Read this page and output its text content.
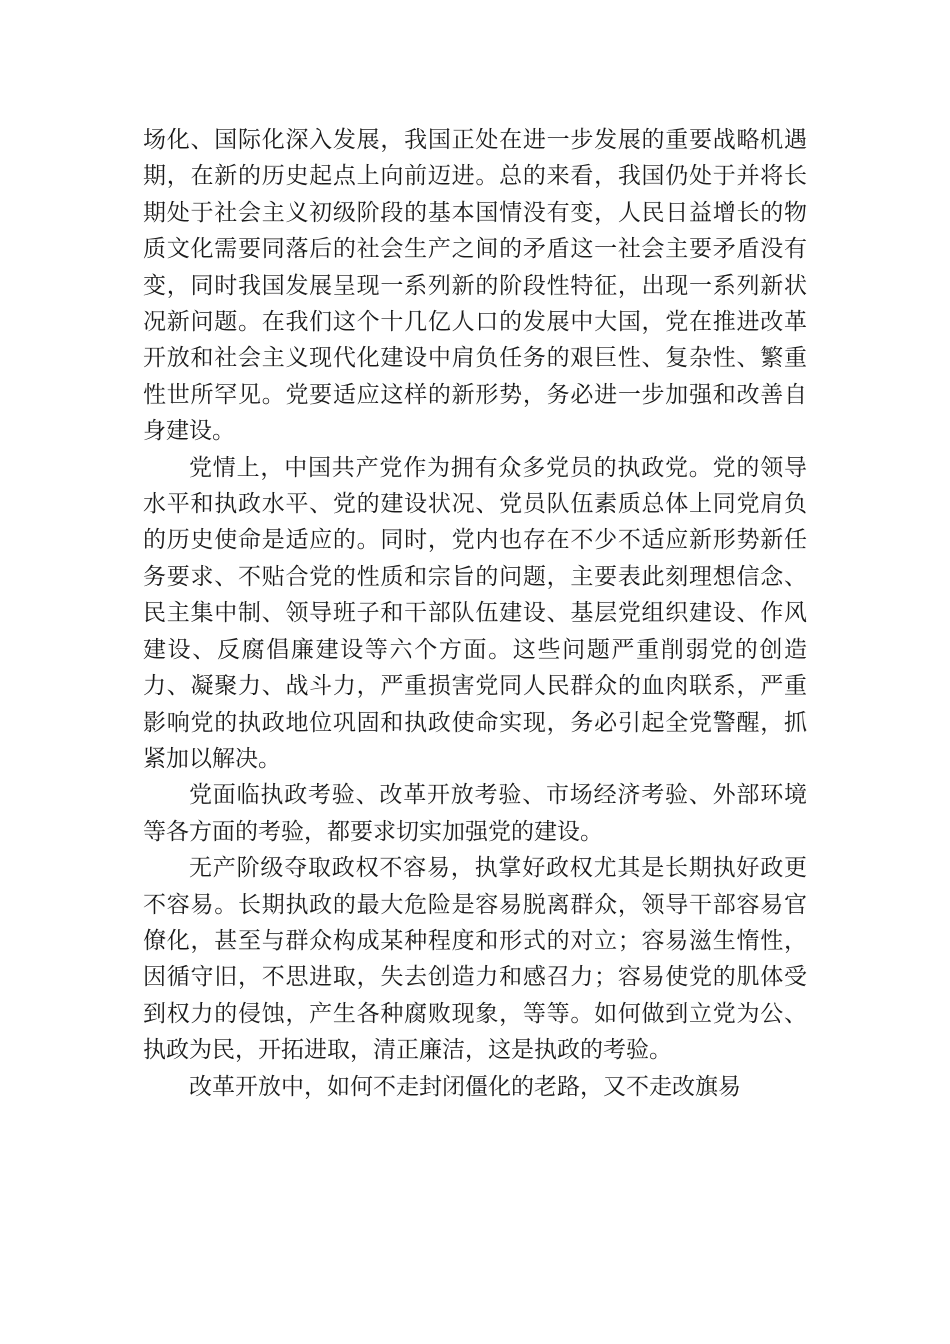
场化、国际化深入发展，我国正处在进一步发展的重要战略机遇期，在新的历史起点上向前迈进。总的来看，我国仍处于并将长期处于社会主义初级阶段的基本国情没有变，人民日益增长的物质文化需要同落后的社会生产之间的矛盾这一社会主要矛盾没有变，同时我国发展呈现一系列新的阶段性特征，出现一系列新状况新问题。在我们这个十几亿人口的发展中大国，党在推进改革开放和社会主义现代化建设中肩负任务的艰巨性、复杂性、繁重性世所罕见。党要适应这样的新形势，务必进一步加强和改善自身建设。

党情上，中国共产党作为拥有众多党员的执政党。党的领导水平和执政水平、党的建设状况、党员队伍素质总体上同党肩负的历史使命是适应的。同时，党内也存在不少不适应新形势新任务要求、不贴合党的性质和宗旨的问题，主要表此刻理想信念、民主集中制、领导班子和干部队伍建设、基层党组织建设、作风建设、反腐倡廉建设等六个方面。这些问题严重削弱党的创造力、凝聚力、战斗力，严重损害党同人民群众的血肉联系，严重影响党的执政地位巩固和执政使命实现，务必引起全党警醒，抓紧加以解决。

党面临执政考验、改革开放考验、市场经济考验、外部环境等各方面的考验，都要求切实加强党的建设。

无产阶级夺取政权不容易，执掌好政权尤其是长期执好政更不容易。长期执政的最大危险是容易脱离群众，领导干部容易官僚化，甚至与群众构成某种程度和形式的对立；容易滋生惰性，因循守旧，不思进取，失去创造力和感召力；容易使党的肌体受到权力的侵蚀，产生各种腐败现象，等等。如何做到立党为公、执政为民，开拓进取，清正廉洁，这是执政的考验。

改革开放中，如何不走封闭僵化的老路，又不走改旗易
